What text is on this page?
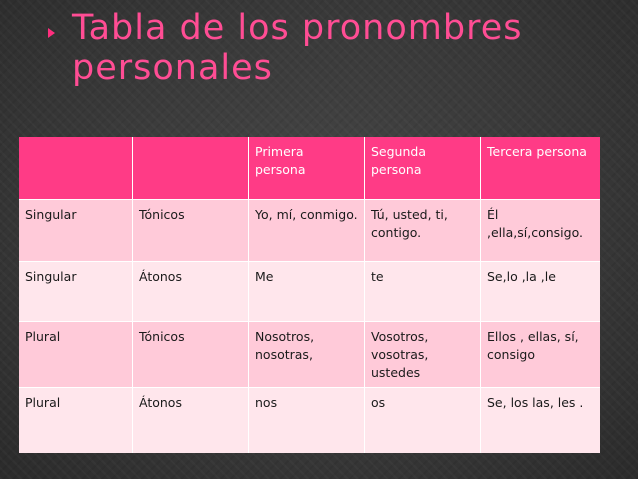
Tabla de los pronombres personales
		Primera persona	Segunda persona	Tercera persona
Singular	Tónicos	Yo, mí, conmigo.	Tú, usted, ti, contigo.	Él ,ella,sí,consigo.
Singular	Átonos	Me	te	Se,lo ,la ,le
Plural	Tónicos	Nosotros, nosotras,	Vosotros, vosotras, ustedes	Ellos , ellas, sí, consigo
Plural	Átonos	nos	os	Se, los las, les .
